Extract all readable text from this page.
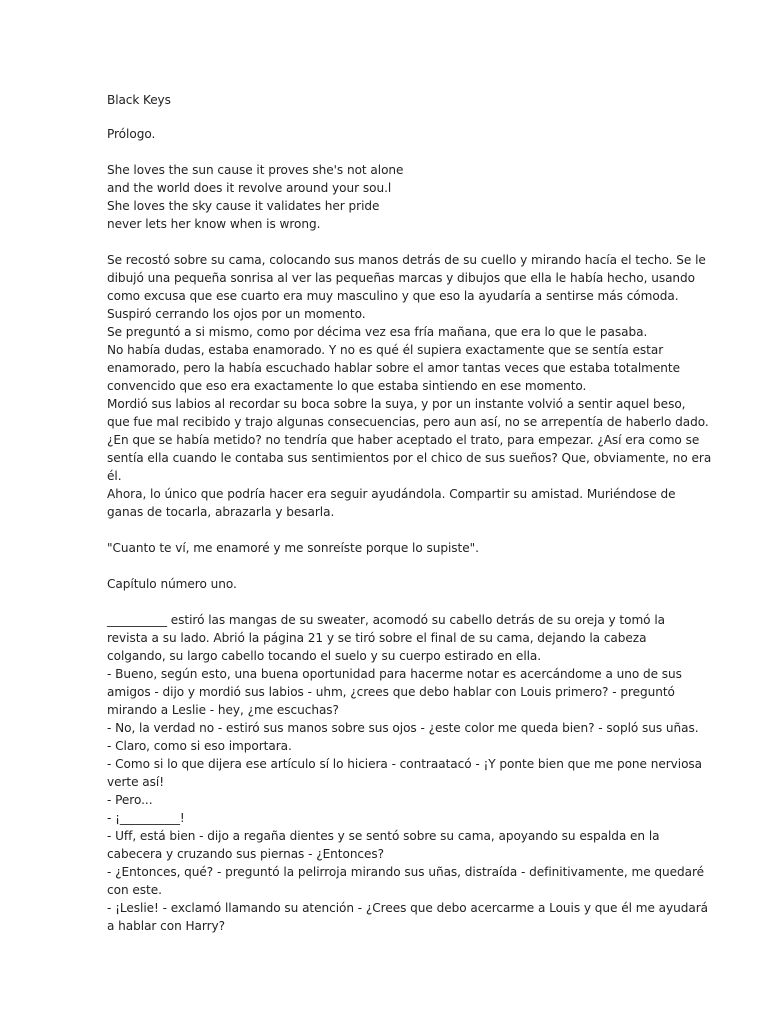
Black Keys
Prólogo.
She loves the sun cause it proves she's not alone
and the world does it revolve around your sou.l
She loves the sky cause it validates her pride
never lets her know when is wrong.
Se recostó sobre su cama, colocando sus manos detrás de su cuello y mirando hacía el techo. Se le
dibujó una pequeña sonrisa al ver las pequeñas marcas y dibujos que ella le había hecho, usando
como excusa que ese cuarto era muy masculino y que eso la ayudaría a sentirse más cómoda.
Suspiró cerrando los ojos por un momento.
Se preguntó a si mismo, como por décima vez esa fría mañana, que era lo que le pasaba.
No había dudas, estaba enamorado. Y no es qué él supiera exactamente que se sentía estar
enamorado, pero la había escuchado hablar sobre el amor tantas veces que estaba totalmente
convencido que eso era exactamente lo que estaba sintiendo en ese momento.
Mordió sus labios al recordar su boca sobre la suya, y por un instante volvió a sentir aquel beso,
que fue mal recibido y trajo algunas consecuencias, pero aun así, no se arrepentía de haberlo dado.
¿En que se había metido? no tendría que haber aceptado el trato, para empezar. ¿Así era como se
sentía ella cuando le contaba sus sentimientos por el chico de sus sueños? Que, obviamente, no era
él.
Ahora, lo único que podría hacer era seguir ayudándola. Compartir su amistad. Muriéndose de
ganas de tocarla, abrazarla y besarla.
"Cuanto te ví, me enamoré y me sonreíste porque lo supiste".
Capítulo número uno.
__________ estiró las mangas de su sweater, acomodó su cabello detrás de su oreja y tomó la
revista a su lado. Abrió la página 21 y se tiró sobre el final de su cama, dejando la cabeza
colgando, su largo cabello tocando el suelo y su cuerpo estirado en ella.
- Bueno, según esto, una buena oportunidad para hacerme notar es acercándome a uno de sus
amigos - dijo y mordió sus labios - uhm, ¿crees que debo hablar con Louis primero? - preguntó
mirando a Leslie - hey, ¿me escuchas?
- No, la verdad no - estiró sus manos sobre sus ojos - ¿este color me queda bien? - sopló sus uñas.
- Claro, como si eso importara.
- Como si lo que dijera ese artículo sí lo hiciera - contraatacó - ¡Y ponte bien que me pone nerviosa
verte así!
- Pero...
- ¡__________!
- Uff, está bien - dijo a regaña dientes y se sentó sobre su cama, apoyando su espalda en la
cabecera y cruzando sus piernas - ¿Entonces?
- ¿Entonces, qué? - preguntó la pelirroja mirando sus uñas, distraída - definitivamente, me quedaré
con este.
- ¡Leslie! - exclamó llamando su atención - ¿Crees que debo acercarme a Louis y que él me ayudará
a hablar con Harry?
